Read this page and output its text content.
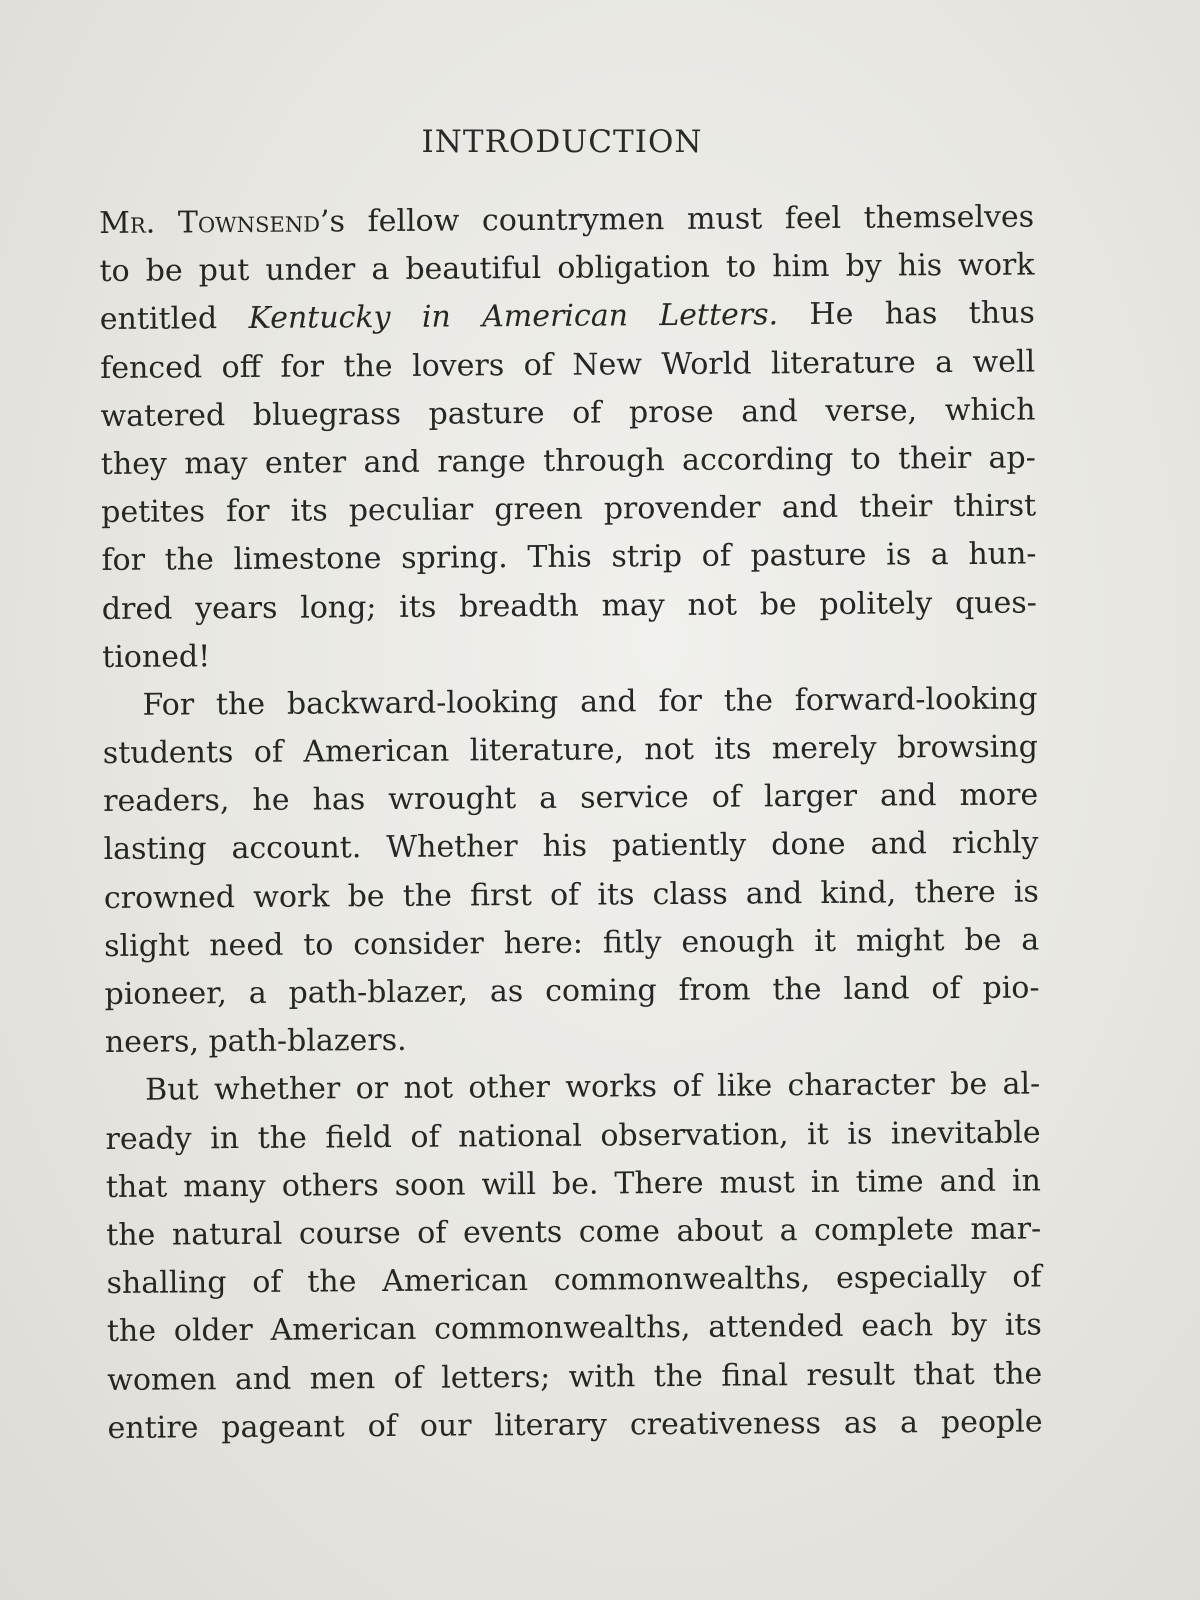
INTRODUCTION
Mr. Townsend’s fellow countrymen must feel themselves
to be put under a beautiful obligation to him by his work
entitled Kentucky in American Letters. He has thus
fenced off for the lovers of New World literature a well
watered bluegrass pasture of prose and verse, which
they may enter and range through according to their ap-
petites for its peculiar green provender and their thirst
for the limestone spring. This strip of pasture is a hun-
dred years long; its breadth may not be politely ques-
tioned!
For the backward-looking and for the forward-looking
students of American literature, not its merely browsing
readers, he has wrought a service of larger and more
lasting account. Whether his patiently done and richly
crowned work be the first of its class and kind, there is
slight need to consider here: fitly enough it might be a
pioneer, a path-blazer, as coming from the land of pio-
neers, path-blazers.
But whether or not other works of like character be al-
ready in the field of national observation, it is inevitable
that many others soon will be. There must in time and in
the natural course of events come about a complete mar-
shalling of the American commonwealths, especially of
the older American commonwealths, attended each by its
women and men of letters; with the final result that the
entire pageant of our literary creativeness as a people
